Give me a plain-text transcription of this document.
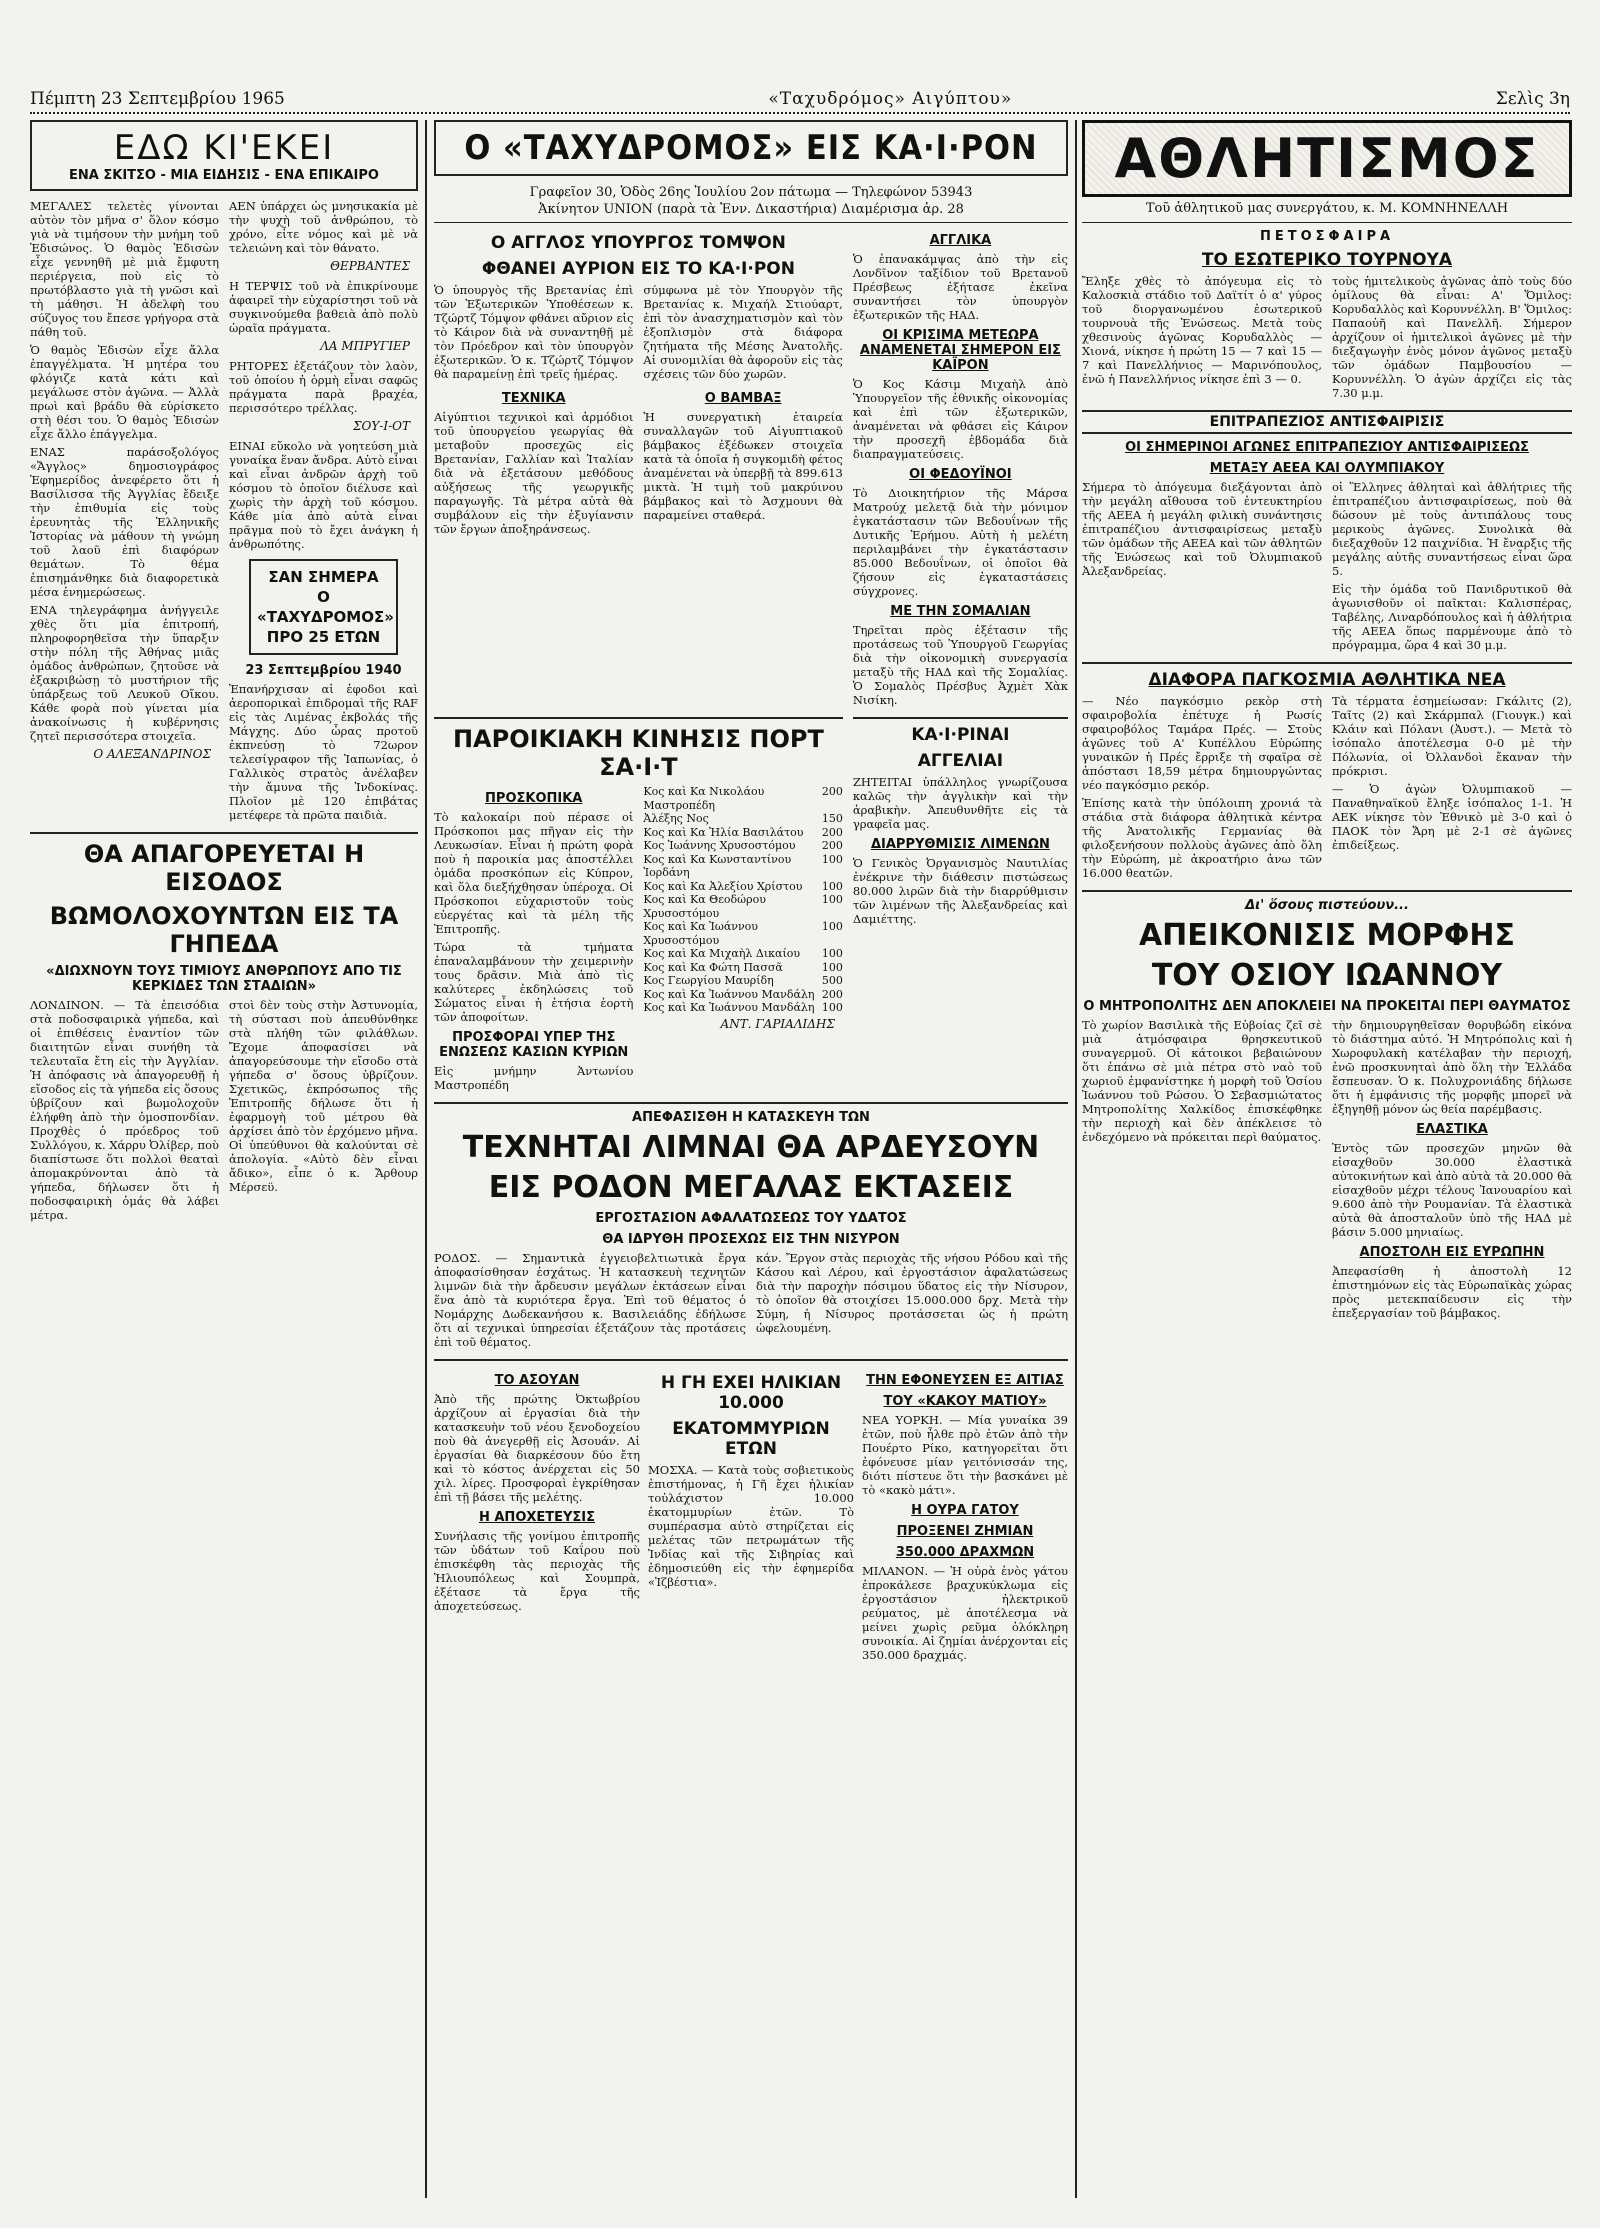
Πέμπτη 23 Σεπτεμβρίου 1965	«Ταχυδρόμος» Αιγύπτου»	Σελὶς 3η
ΕΔΩ ΚΙ'ΕΚΕΙ
ΕΝΑ ΣΚΙΤΣΟ - ΜΙΑ ΕΙΔΗΣΙΣ - ΕΝΑ ΕΠΙΚΑΙΡΟ

ΜΕΓΑΛΕΣ τελετὲς γίνονται αὐτὸν τὸν μῆνα σ' ὅλον κόσμο γιὰ νὰ τιμήσουν τὴν μνήμη τοῦ Ἐδισώνος. Ὁ θαμὸς Ἐδισὼν εἶχε γεννηθῆ μὲ μιὰ ἔμφυτη περιέργεια, ποὺ εἰς τὸ πρωτόβλαστο γιὰ τὴ γνῶσι καὶ τὴ μάθησι. Ἡ ἀδελφὴ του σύζυγος του ἔπεσε γρήγορα στὰ πάθη τοῦ.

Ὁ θαμὸς Ἐδισὼν εἶχε ἄλλα ἐπαγγέλματα. Ἡ μητέρα του φλόγιζε κατὰ κάτι καὶ μεγάλωσε στὸν ἀγῶνα. — Ἀλλὰ πρωὶ καὶ βράδυ θὰ εὑρίσκετο στὴ θέσι του. Ὁ θαμὸς Ἐδισὼν εἶχε ἄλλο ἐπάγγελμα.

ΕΝΑΣ παράσοξολόγος «Ἄγγλος» δημοσιογράφος Ἐφημερίδος ἀνεφέρετο ὅτι ἡ Βασίλισσα τῆς Ἀγγλίας ἔδειξε τὴν ἐπιθυμία εἰς τοὺς ἐρευνητὰς τῆς Ἐλληνικῆς Ἱστορίας νὰ μάθουν τὴ γνώμη τοῦ λαοῦ ἐπὶ διαφόρων θεμάτων. Τὸ θέμα ἐπισημάνθηκε διὰ διαφορετικὰ μέσα ἐνημερώσεως.

ΕΝΑ τηλεγράφημα ἀνήγγειλε χθὲς ὅτι μία ἐπιτροπή, πληροφορηθεῖσα τὴν ὕπαρξιν στὴν πόλη τῆς Ἀθήνας μιᾶς ὁμάδος ἀνθρώπων, ζητοῦσε νὰ ἐξακριβώσῃ τὸ μυστήριον τῆς ὑπάρξεως τοῦ Λευκοῦ Οἴκου. Κάθε φορὰ ποὺ γίνεται μία ἀνακοίνωσις ἡ κυβέρνησις ζητεῖ περισσότερα στοιχεῖα.

Ο ΑΛΕΞΑΝΔΡΙΝΟΣ

ΑΕΝ ὑπάρχει ὡς μνησικακία μὲ τὴν ψυχὴ τοῦ ἀνθρώπου, τὸ χρόνο, εἶτε νόμος καὶ μὲ νὰ τελειώνη καὶ τὸν θάνατο.

ΘΕΡΒΑΝΤΕΣ

Η ΤΕΡΨΙΣ τοῦ νὰ ἐπικρίνουμε ἀφαιρεῖ τὴν εὐχαρίστησι τοῦ νὰ συγκινούμεθα βαθειὰ ἀπὸ πολὺ ὡραῖα πράγματα.

ΛΑ ΜΠΡΥΓΙΕΡ

ΡΗΤΟΡΕΣ ἐξετάζουν τὸν λαὸν, τοῦ ὁποίου ἡ ὁρμὴ εἶναι σαφῶς πράγματα παρὰ βραχέα, περισσότερο τρέλλας.

ΣΟΥ-Ι-ΟΤ

ΕΙΝΑΙ εὔκολο νὰ γοητεύση μιὰ γυναίκα ἕναν ἄνδρα. Αὐτὸ εἶναι καὶ εἶναι ἀνδρῶν ἀρχὴ τοῦ κόσμου τὸ ὁποῖον διέλυσε καὶ χωρὶς τὴν ἀρχὴ τοῦ κόσμου. Κάθε μία ἀπὸ αὐτὰ εἶναι πρᾶγμα ποὺ τὸ ἔχει ἀνάγκη ἡ ἀνθρωπότης.

ΣΑΝ ΣΗΜΕΡΑ
Ο «ΤΑΧΥΔΡΟΜΟΣ»
ΠΡΟ 25 ΕΤΩΝ
23 Σεπτεμβρίου 1940

Ἐπανήρχισαν αἱ ἐφοδοι καὶ ἀεροπορικαὶ ἐπιδρομαὶ τῆς RAF εἰς τὰς Λιμένας ἐκβολάς τῆς Μάγχης. Δύο ὧρας προτοῦ ἐκπνεύσῃ τὸ 72ωρον τελεσίγραφον τῆς Ἰαπωνίας, ὁ Γαλλικὸς στρατὸς ἀνέλαβεν τὴν ἄμυνα τῆς Ἰνδοκίνας. Πλοῖον μὲ 120 ἐπιβάτας μετέφερε τὰ πρῶτα παιδιὰ.

ΘΑ ΑΠΑΓΟΡΕΥΕΤΑΙ Η ΕΙΣΟΔΟΣ
ΒΩΜΟΛΟΧΟΥΝΤΩΝ ΕΙΣ ΤΑ ΓΗΠΕΔΑ
«ΔΙΩΧΝΟΥΝ ΤΟΥΣ ΤΙΜΙΟΥΣ ΑΝΘΡΩΠΟΥΣ ΑΠΟ ΤΙΣ ΚΕΡΚΙΔΕΣ ΤΩΝ ΣΤΑΔΙΩΝ»

ΛΟΝΔΙΝΟΝ. — Τὰ ἐπεισόδια στὰ ποδοσφαιρικὰ γήπεδα, καὶ οἱ ἐπιθέσεις ἐναντίον τῶν διαιτητῶν εἶναι συνήθη τὰ τελευταῖα ἔτη εἰς τὴν Ἀγγλίαν. Ἡ ἀπόφασις νὰ ἀπαγορευθῇ ἡ εἴσοδος εἰς τὰ γήπεδα εἰς ὅσους ὑβρίζουν καὶ βωμολοχοῦν ἐλήφθη ἀπὸ τὴν ὁμοσπονδίαν. Προχθὲς ὁ πρόεδρος τοῦ Συλλόγου, κ. Χάρρυ Ὀλίβερ, ποὺ διαπίστωσε ὅτι πολλοὶ θεαταὶ ἀπομακρύνονται ἀπὸ τὰ γήπεδα, δήλωσεν ὅτι ἡ ποδοσφαιρικὴ ὁμάς θὰ λάβει μέτρα.

στοὶ δὲν τοὺς στὴν Ἀστυνομία, τὴ σύστασι ποὺ ἀπευθύνθηκε στὰ πλήθη τῶν φιλάθλων. Ἔχομε ἀποφασίσει νὰ ἀπαγορεύσουμε τὴν εἴσοδο στὰ γήπεδα σ' ὅσους ὑβρίζουν. Σχετικῶς, ἐκπρόσωπος τῆς Ἐπιτροπῆς δήλωσε ὅτι ἡ ἐφαρμογὴ τοῦ μέτρου θὰ ἀρχίσει ἀπὸ τὸν ἐρχόμενο μῆνα. Οἱ ὑπεύθυνοι θὰ καλούνται σὲ ἀπολογία. «Αὐτὸ δὲν εἶναι ἄδικο», εἶπε ὁ κ. Ἄρθουρ Μέρσεϋ.

Ο «ΤΑΧΥΔΡΟΜΟΣ» ΕΙΣ ΚΑ·Ι·ΡΟΝ
Γραφεῖον 30, Ὁδὸς 26ης Ἰουλίου 2ον πάτωμα — Τηλεφώνον 53943
Ἀκίνητον UNION (παρὰ τὰ Ἐνν. Δικαστήρια) Διαμέρισμα ἀρ. 28
Ο ΑΓΓΛΟΣ ΥΠΟΥΡΓΟΣ ΤΟΜΨΟΝ
ΦΘΑΝΕΙ ΑΥΡΙΟΝ ΕΙΣ ΤΟ ΚΑ·Ι·ΡΟΝ

Ὁ ὑπουργὸς τῆς Βρετανίας ἐπὶ τῶν Ἐξωτερικῶν Ὑποθέσεων κ. Τζώρτζ Τόμψον φθάνει αὔριον εἰς τὸ Κάιρον διὰ νὰ συναντηθῇ μὲ τὸν Πρόεδρον καὶ τὸν ὑπουργὸν ἐξωτερικῶν. Ὁ κ. Τζώρτζ Τόμψον θὰ παραμείνῃ ἐπὶ τρεῖς ἡμέρας.

σύμφωνα μὲ τὸν Υπουργὸν τῆς Βρετανίας κ. Μιχαήλ Στιούαρτ, ἐπὶ τὸν ἀνασχηματισμὸν καὶ τὸν ἐξοπλισμὸν στὰ διάφορα ζητήματα τῆς Μέσης Ἀνατολῆς. Αἱ συνομιλίαι θὰ ἀφοροῦν εἰς τὰς σχέσεις τῶν δύο χωρῶν.

ΤΕΧΝΙΚΑ

Αἰγύπτιοι τεχνικοὶ καὶ ἀρμόδιοι τοῦ ὑπουργείου γεωργίας θὰ μεταβοῦν προσεχῶς εἰς Βρετανίαν, Γαλλίαν καὶ Ἰταλίαν διὰ νὰ ἐξετάσουν μεθόδους αὐξήσεως τῆς γεωργικῆς παραγωγῆς. Τὰ μέτρα αὐτὰ θὰ συμβάλουν εἰς τὴν ἐξυγίανσιν τῶν ἔργων ἀποξηράνσεως.

Ο ΒΑΜΒΑΞ

Ἡ συνεργατικὴ ἑταιρεία συναλλαγῶν τοῦ Αἰγυπτιακοῦ βάμβακος ἐξέδωκεν στοιχεῖα κατὰ τὰ ὁποῖα ἡ συγκομιδὴ φέτος ἀναμένεται νὰ ὑπερβῇ τὰ 899.613 μικτὰ. Ἡ τιμὴ τοῦ μακρύινου βάμβακος καὶ τὸ Ἀσχμουνι θὰ παραμείνει σταθερά.

ΑΓΓΛΙΚΑ

Ὁ ἐπανακάμψας ἀπὸ τὴν εἰς Λονδῖνον ταξίδιον τοῦ Βρετανοῦ Πρέσβεως ἐξήτασε ἐκεῖνα συναντήσει τὸν ὑπουργὸν ἐξωτερικῶν τῆς ΗΑΔ.

ΟΙ ΚΡΙΣΙΜΑ ΜΕΤΕΩΡΑ ΑΝΑΜΕΝΕΤΑΙ ΣΗΜΕΡΟΝ ΕΙΣ ΚΑΪΡΟΝ

Ὁ Κος Κάσιμ Μιχαὴλ ἀπὸ Ὑπουργεῖον τῆς ἐθνικῆς οἰκονομίας καὶ ἐπὶ τῶν ἐξωτερικῶν, ἀναμένεται νὰ φθάσει εἰς Κάιρον τὴν προσεχῆ ἑβδομάδα διὰ διαπραγματεύσεις.

ΟΙ ΦΕΔΟΥΪΝΟΙ

Τὸ Διοικητήριον τῆς Μάρσα Ματρούχ μελετᾷ διὰ τὴν μόνιμον ἐγκατάστασιν τῶν Βεδουΐνων τῆς Δυτικῆς Ἐρήμου. Αὐτὴ ἡ μελέτη περιλαμβάνει τὴν ἐγκατάστασιν 85.000 Βεδουΐνων, οἱ ὁποῖοι θὰ ζήσουν εἰς ἐγκαταστάσεις σύγχρονες.

ΜΕ ΤΗΝ ΣΟΜΑΛΙΑΝ

Τηρεῖται πρὸς ἐξέτασιν τῆς προτάσεως τοῦ Ὑπουργοῦ Γεωργίας διὰ τὴν οἰκονομικὴ συνεργασία μεταξὺ τῆς ΗΑΔ καὶ τῆς Σομαλίας. Ὁ Σομαλὸς Πρέσβυς Ἀχμὲτ Χὰκ Νισίκη.

ΠΑΡΟΙΚΙΑΚΗ ΚΙΝΗΣΙΣ ΠΟΡΤ ΣΑ·Ι·Τ
ΠΡΟΣΚΟΠΙΚΑ

Τὸ καλοκαίρι ποὺ πέρασε οἱ Πρόσκοποι μας πῆγαν εἰς τὴν Λευκωσίαν. Εἶναι ἡ πρώτη φορὰ ποὺ ἡ παροικία μας ἀποστέλλει ὁμάδα προσκόπων εἰς Κύπρον, καὶ ὅλα διεξήχθησαν ὑπέροχα. Οἱ Πρόσκοποι εὐχαριστοῦν τοὺς εὐεργέτας καὶ τὰ μέλη τῆς Ἐπιτροπῆς.

Τώρα τὰ τμήματα ἐπαναλαμβάνουν τὴν χειμερινὴν τους δρᾶσιν. Μιὰ ἀπὸ τὶς καλύτερες ἐκδηλώσεις τοῦ Σώματος εἶναι ἡ ἐτήσια ἑορτὴ τῶν ἀποφοίτων.

ΠΡΟΣΦΟΡΑΙ ΥΠΕΡ ΤΗΣ ΕΝΩΣΕΩΣ ΚΑΣΙΩΝ ΚΥΡΙΩΝ

Εἰς μνήμην Ἀντωνίου Μαστροπέδη

Κος καὶ Κα Νικολάου Μαστροπέδη
200
Ἀλέξης Νος	150
Κος καὶ Κα Ἠλία Βασιλάτου 200
Κος Ἰωάννης Χρυσοστόμου 200
Κος καὶ Κα Κωνσταντίνου Ἰορδάνη
100
Κος καὶ Κα Ἀλεξίου Χρίστου 100
Κος καὶ Κα Θεοδώρου Χρυσοστόμου
100
Κος καὶ Κα Ἰωάννου Χρυσοστόμου
100
Κος καὶ Κα Μιχαὴλ Δικαίου 100
Κος καὶ Κα Φώτη Πασσᾶ	100
Κος Γεωργίου Μαυρίδη	500
Κος καὶ Κα Ἰωάννου Μανδάλη 200
Κος καὶ Κα Ἰωάννου Μανδάλη 100
ΑΝΤ. ΓΑΡΙΑΛΙΔΗΣ
ΚΑ·Ι·ΡΙΝΑΙ
ΑΓΓΕΛΙΑΙ

ΖΗΤΕΙΤΑΙ ὑπάλληλος γνωρίζουσα καλῶς τὴν ἀγγλικὴν καὶ τὴν ἀραβικὴν. Ἀπευθυνθῆτε εἰς τὰ γραφεῖα μας.

ΔΙΑΡΡΥΘΜΙΣΙΣ ΛΙΜΕΝΩΝ

Ὁ Γενικὸς Ὀργανισμὸς Ναυτιλίας ἐνέκρινε τὴν διάθεσιν πιστώσεως 80.000 λιρῶν διὰ τὴν διαρρύθμισιν τῶν λιμένων τῆς Ἀλεξανδρείας καὶ Δαμιέττης.

ΑΠΕΦΑΣΙΣΘΗ Η ΚΑΤΑΣΚΕΥΗ ΤΩΝ
ΤΕΧΝΗΤΑΙ ΛΙΜΝΑΙ ΘΑ ΑΡΔΕΥΣΟΥΝ
ΕΙΣ ΡΟΔΟΝ ΜΕΓΑΛΑΣ ΕΚΤΑΣΕΙΣ
ΕΡΓΟΣΤΑΣΙΟΝ ΑΦΑΛΑΤΩΣΕΩΣ ΤΟΥ ΥΔΑΤΟΣ
ΘΑ ΙΔΡΥΘΗ ΠΡΟΣΕΧΩΣ ΕΙΣ ΤΗΝ ΝΙΣΥΡΟΝ

ΡΟΔΟΣ. — Σημαντικὰ ἐγγειοβελτιωτικὰ ἔργα ἀποφασίσθησαν ἐσχάτως. Ἡ κατασκευὴ τεχνητῶν λιμνῶν διὰ τὴν ἄρδευσιν μεγάλων ἐκτάσεων εἶναι ἕνα ἀπὸ τὰ κυριότερα ἔργα. Ἐπὶ τοῦ θέματος ὁ Νομάρχης Δωδεκανήσου κ. Βασιλειάδης ἐδήλωσε ὅτι αἱ τεχνικαὶ ὑπηρεσίαι ἐξετάζουν τὰς προτάσεις ἐπὶ τοῦ θέματος.

κάν. Ἔργον στὰς περιοχὰς τῆς νήσου Ρόδου καὶ τῆς Κάσου καὶ Λέρου, καὶ ἐργοστάσιον ἀφαλατώσεως διὰ τὴν παροχὴν πόσιμου ὕδατος εἰς τὴν Νίσυρον, τὸ ὁποῖον θὰ στοιχίσει 15.000.000 δρχ. Μετὰ τὴν Σύμη, ἡ Νίσυρος προτάσσεται ὡς ἡ πρώτη ὠφελουμένη.

ΤΟ ΑΣΟΥΑΝ

Ἀπὸ τῆς πρώτης Ὀκτωβρίου ἀρχίζουν αἱ ἐργασίαι διὰ τὴν κατασκευὴν τοῦ νέου ξενοδοχείου ποὺ θὰ ἀνεγερθῇ εἰς Ἀσουάν. Αἱ ἐργασίαι θὰ διαρκέσουν δύο ἔτη καὶ τὸ κόστος ἀνέρχεται εἰς 50 χιλ. λίρες. Προσφοραὶ ἐγκρίθησαν ἐπὶ τῇ βάσει τῆς μελέτης.

Η ΑΠΟΧΕΤΕΥΣΙΣ

Συνήλασις τῆς γονίμου ἐπιτροπῆς τῶν ὑδάτων τοῦ Καΐρου ποὺ ἐπισκέφθη τὰς περιοχὰς τῆς Ἡλιουπόλεως καὶ Σουμπρὰ, ἐξέτασε τὰ ἔργα τῆς ἀποχετεύσεως.

Η ΓΗ ΕΧΕΙ ΗΛΙΚΙΑΝ 10.000
ΕΚΑΤΟΜΜΥΡΙΩΝ ΕΤΩΝ

ΜΟΣΧΑ. — Κατὰ τοὺς σοβιετικοὺς ἐπιστήμονας, ἡ Γῆ ἔχει ἡλικίαν τοὐλάχιστον 10.000 ἑκατομμυρίων ἐτῶν. Τὸ συμπέρασμα αὐτὸ στηρίζεται εἰς μελέτας τῶν πετρωμάτων τῆς Ἰνδίας καὶ τῆς Σιβηρίας καὶ ἐδημοσιεύθη εἰς τὴν ἐφημερίδα «Ἰζβέστια».

ΤΗΝ ΕΦΟΝΕΥΣΕΝ ΕΞ ΑΙΤΙΑΣ
ΤΟΥ «ΚΑΚΟΥ ΜΑΤΙΟΥ»

ΝΕΑ ΥΟΡΚΗ. — Μία γυναίκα 39 ἐτῶν, ποὺ ἦλθε πρὸ ἐτῶν ἀπὸ τὴν Πουέρτο Ρίκο, κατηγορεῖται ὅτι ἐφόνευσε μίαν γειτόνισσάν της, διότι πίστευε ὅτι τὴν βασκάνει μὲ τὸ «κακὸ μάτι».

Η ΟΥΡΑ ΓΑΤΟΥ
ΠΡΟΞΕΝΕΙ ΖΗΜΙΑΝ
350.000 ΔΡΑΧΜΩΝ

ΜΙΛΑΝΟΝ. — Ἡ οὐρὰ ἑνὸς γάτου ἐπροκάλεσε βραχυκύκλωμα εἰς ἐργοστάσιον ἠλεκτρικοῦ ρεύματος, μὲ ἀποτέλεσμα νὰ μείνει χωρὶς ρεῦμα ὁλόκληρη συνοικία. Αἱ ζημίαι ἀνέρχονται εἰς 350.000 δραχμάς.

ΑΘΛΗΤΙΣΜΟΣ
Τοῦ ἀθλητικοῦ μας συνεργάτου, κ. Μ. ΚΟΜΝΗΝΕΛΛΗ
ΠΕΤΟΣΦΑΙΡΑ
ΤΟ ΕΣΩΤΕΡΙΚΟ ΤΟΥΡΝΟΥΑ

Ἔληξε χθὲς τὸ ἀπόγευμα εἰς τὸ Καλοσκιὰ στάδιο τοῦ Δαϊτίτ ὁ α' γύρος τοῦ διοργανωμένου ἐσωτερικοῦ τουρνουὰ τῆς Ἑνώσεως. Μετὰ τοὺς χθεσινοὺς ἀγῶνας Κορυδαλλὸς — Χιονά, νίκησε ἡ πρώτη 15 — 7 καὶ 15 — 7 καὶ Πανελλήνιος — Μαρινόπουλος, ἐνῶ ἡ Πανελλήνιος νίκησε ἐπὶ 3 — 0.

τοὺς ἡμιτελικοὺς ἀγῶνας ἀπὸ τοὺς δύο ὁμίλους θὰ εἶναι: Α' Ὅμιλος: Κορυδαλλὸς καὶ Κορυννέλλη. Β' Ὅμιλος: Παπαοὐῆ καὶ Πανελλῆ. Σήμερον ἀρχίζουν οἱ ἡμιτελικοὶ ἀγῶνες μὲ τὴν διεξαγωγὴν ἑνὸς μόνον ἀγῶνος μεταξὺ τῶν ὁμάδων Παμβουσίου — Κορυννέλλη. Ὁ ἀγὼν ἀρχίζει εἰς τὰς 7.30 μ.μ.

ΕΠΙΤΡΑΠΕΖΙΟΣ ΑΝΤΙΣΦΑΙΡΙΣΙΣ
ΟΙ ΣΗΜΕΡΙΝΟΙ ΑΓΩΝΕΣ ΕΠΙΤΡΑΠΕΖΙΟΥ ΑΝΤΙΣΦΑΙΡΙΣΕΩΣ
ΜΕΤΑΞΥ ΑΕΕΑ ΚΑΙ ΟΛΥΜΠΙΑΚΟΥ

Σήμερα τὸ ἀπόγευμα διεξάγονται ἀπὸ τὴν μεγάλη αἴθουσα τοῦ ἐντευκτηρίου τῆς ΑΕΕΑ ἡ μεγάλη φιλικὴ συνάντησις ἐπιτραπέζιου ἀντισφαιρίσεως μεταξὺ τῶν ὁμάδων τῆς ΑΕΕΑ καὶ τῶν ἀθλητῶν τῆς Ἑνώσεως καὶ τοῦ Ὀλυμπιακοῦ Ἀλεξανδρείας.

οἱ Ἕλληνες ἀθληταὶ καὶ ἀθλήτριες τῆς ἐπιτραπέζιου ἀντισφαιρίσεως, ποὺ θὰ δώσουν μὲ τοὺς ἀντιπάλους τους μερικοὺς ἀγῶνες. Συνολικὰ θὰ διεξαχθοῦν 12 παιχνίδια. Ἡ ἔναρξις τῆς μεγάλης αὐτῆς συναντήσεως εἶναι ὥρα 5.

Εἰς τὴν ὁμάδα τοῦ Πανιδρυτικοῦ θὰ ἀγωνισθοῦν οἱ παῖκται: Καλισπέρας, Ταβέλης, Λιναρδόπουλος καὶ ἡ ἀθλήτρια τῆς ΑΕΕΑ ὅπως παρμένουμε ἀπὸ τὸ πρόγραμμα, ὥρα 4 καὶ 30 μ.μ.

ΔΙΑΦΟΡΑ ΠΑΓΚΟΣΜΙΑ ΑΘΛΗΤΙΚΑ ΝΕΑ

— Νέο παγκόσμιο ρεκὸρ στὴ σφαιροβολία ἐπέτυχε ἡ Ρωσίς σφαιροβόλος Ταμάρα Πρές. — Στοὺς ἀγῶνες τοῦ Α' Κυπέλλου Εὐρώπης γυναικῶν ἡ Πρές ἔρριξε τὴ σφαῖρα σὲ ἀπόστασι 18,59 μέτρα δημιουργώντας νέο παγκόσμιο ρεκόρ.

Ἐπίσης κατὰ τὴν ὑπόλοιπη χρονιά τὰ στάδια στὰ διάφορα ἀθλητικὰ κέντρα τῆς Ἀνατολικῆς Γερμανίας θὰ φιλοξενήσουν πολλοὺς ἀγῶνες ἀπὸ ὅλη τὴν Εὐρώπη, μὲ ἀκροατήριο ἀνω τῶν 16.000 θεατῶν.

Τὰ τέρματα ἐσημείωσαν: Γκάλιτς (2), Ταῖτς (2) καὶ Σκάρμπαλ (Γιουγκ.) καὶ Κλάιν καὶ Πόλανι (Ἀυστ.). — Μετὰ τὸ ἰσόπαλο ἀποτέλεσμα 0-0 μὲ τὴν Πόλωνία, οἱ Ὀλλανδοὶ ἔκαναν τὴν πρόκρισι.

— Ὁ ἀγὼν Ὀλυμπιακοῦ — Παναθηναϊκοῦ ἔληξε ἰσόπαλος 1-1. Ἡ ΑΕΚ νίκησε τὸν Ἐθνικὸ μὲ 3-0 καὶ ὁ ΠΑΟΚ τὸν Ἄρη μὲ 2-1 σὲ ἀγῶνες ἐπιδείξεως.

Δι' ὅσους πιστεύουν...
ΑΠΕΙΚΟΝΙΣΙΣ ΜΟΡΦΗΣ
ΤΟΥ ΟΣΙΟΥ ΙΩΑΝΝΟΥ
Ο ΜΗΤΡΟΠΟΛΙΤΗΣ ΔΕΝ ΑΠΟΚΛΕΙΕΙ ΝΑ ΠΡΟΚΕΙΤΑΙ ΠΕΡΙ ΘΑΥΜΑΤΟΣ

Τὸ χωρίον Βασιλικὰ τῆς Εὐβοίας ζεῖ σὲ μιὰ ἀτμόσφαιρα θρησκευτικοῦ συναγερμοῦ. Οἱ κάτοικοι βεβαιώνουν ὅτι ἐπάνω σὲ μιὰ πέτρα στὸ ναὸ τοῦ χωριοῦ ἐμφανίστηκε ἡ μορφὴ τοῦ Ὁσίου Ἰωάννου τοῦ Ρώσου. Ὁ Σεβασμιώτατος Μητροπολίτης Χαλκίδος ἐπισκέφθηκε τὴν περιοχὴ καὶ δὲν ἀπέκλεισε τὸ ἐνδεχόμενο νὰ πρόκειται περὶ θαύματος.

τὴν δημιουργηθεῖσαν θορυβώδη εἰκόνα τὸ διάστημα αὐτό. Ἡ Μητρόπολις καὶ ἡ Χωροφυλακὴ κατέλαβαν τὴν περιοχή, ἐνῶ προσκυνηταὶ ἀπὸ ὅλη τὴν Ἑλλάδα ἔσπευσαν. Ὁ κ. Πολυχρονιάδης δήλωσε ὅτι ἡ ἐμφάνισις τῆς μορφῆς μπορεῖ νὰ ἐξηγηθῇ μόνον ὡς θεία παρέμβασις.

ΕΛΑΣΤΙΚΑ

Ἐντὸς τῶν προσεχῶν μηνῶν θὰ εἰσαχθοῦν 30.000 ἐλαστικὰ αὐτοκινήτων καὶ ἀπὸ αὐτὰ τὰ 20.000 θὰ εἰσαχθοῦν μέχρι τέλους Ἰανουαρίου καὶ 9.600 ἀπὸ τὴν Ρουμανίαν. Τὰ ἐλαστικὰ αὐτὰ θὰ ἀποσταλοῦν ὑπὸ τῆς ΗΑΔ μὲ βάσιν 5.000 μηνιαίως.

ΑΠΟΣΤΟΛΗ ΕΙΣ ΕΥΡΩΠΗΝ

Ἀπεφασίσθη ἡ ἀποστολὴ 12 ἐπιστημόνων εἰς τὰς Εὐρωπαϊκὰς χώρας πρὸς μετεκπαίδευσιν εἰς τὴν ἐπεξεργασίαν τοῦ βάμβακος.
